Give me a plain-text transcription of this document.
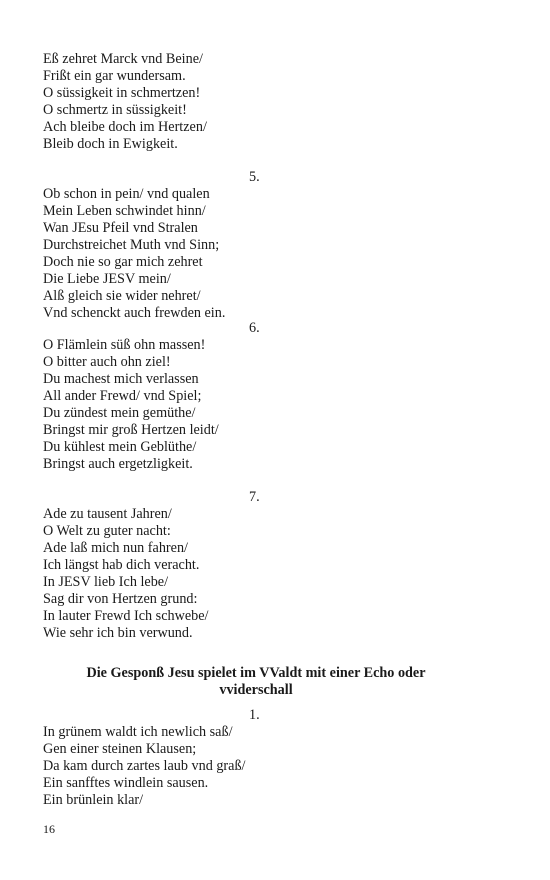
Eß zehret Marck vnd Beine/
Frißt ein gar wundersam.
O süssigkeit in schmertzen!
O schmertz in süssigkeit!
Ach bleibe doch im Hertzen/
Bleib doch in Ewigkeit.
5.
Ob schon in pein/ vnd qualen
Mein Leben schwindet hinn/
Wan JEsu Pfeil vnd Stralen
Durchstreichet Muth vnd Sinn;
Doch nie so gar mich zehret
Die Liebe JESV mein/
Alß gleich sie wider nehret/
Vnd schenckt auch frewden ein.
6.
O Flämlein süß ohn massen!
O bitter auch ohn ziel!
Du machest mich verlassen
All ander Frewd/ vnd Spiel;
Du zündest mein gemüthe/
Bringst mir groß Hertzen leidt/
Du kühlest mein Geblüthe/
Bringst auch ergetzligkeit.
7.
Ade zu tausent Jahren/
O Welt zu guter nacht:
Ade laß mich nun fahren/
Ich längst hab dich veracht.
In JESV lieb Ich lebe/
Sag dir von Hertzen grund:
In lauter Frewd Ich schwebe/
Wie sehr ich bin verwund.
Die Gesponß Jesu spielet im VValdt mit einer Echo oder
vviderschall
1.
In grünem waldt ich newlich saß/
Gen einer steinen Klausen;
Da kam durch zartes laub vnd graß/
Ein sanfftes windlein sausen.
Ein brünlein klar/
16
